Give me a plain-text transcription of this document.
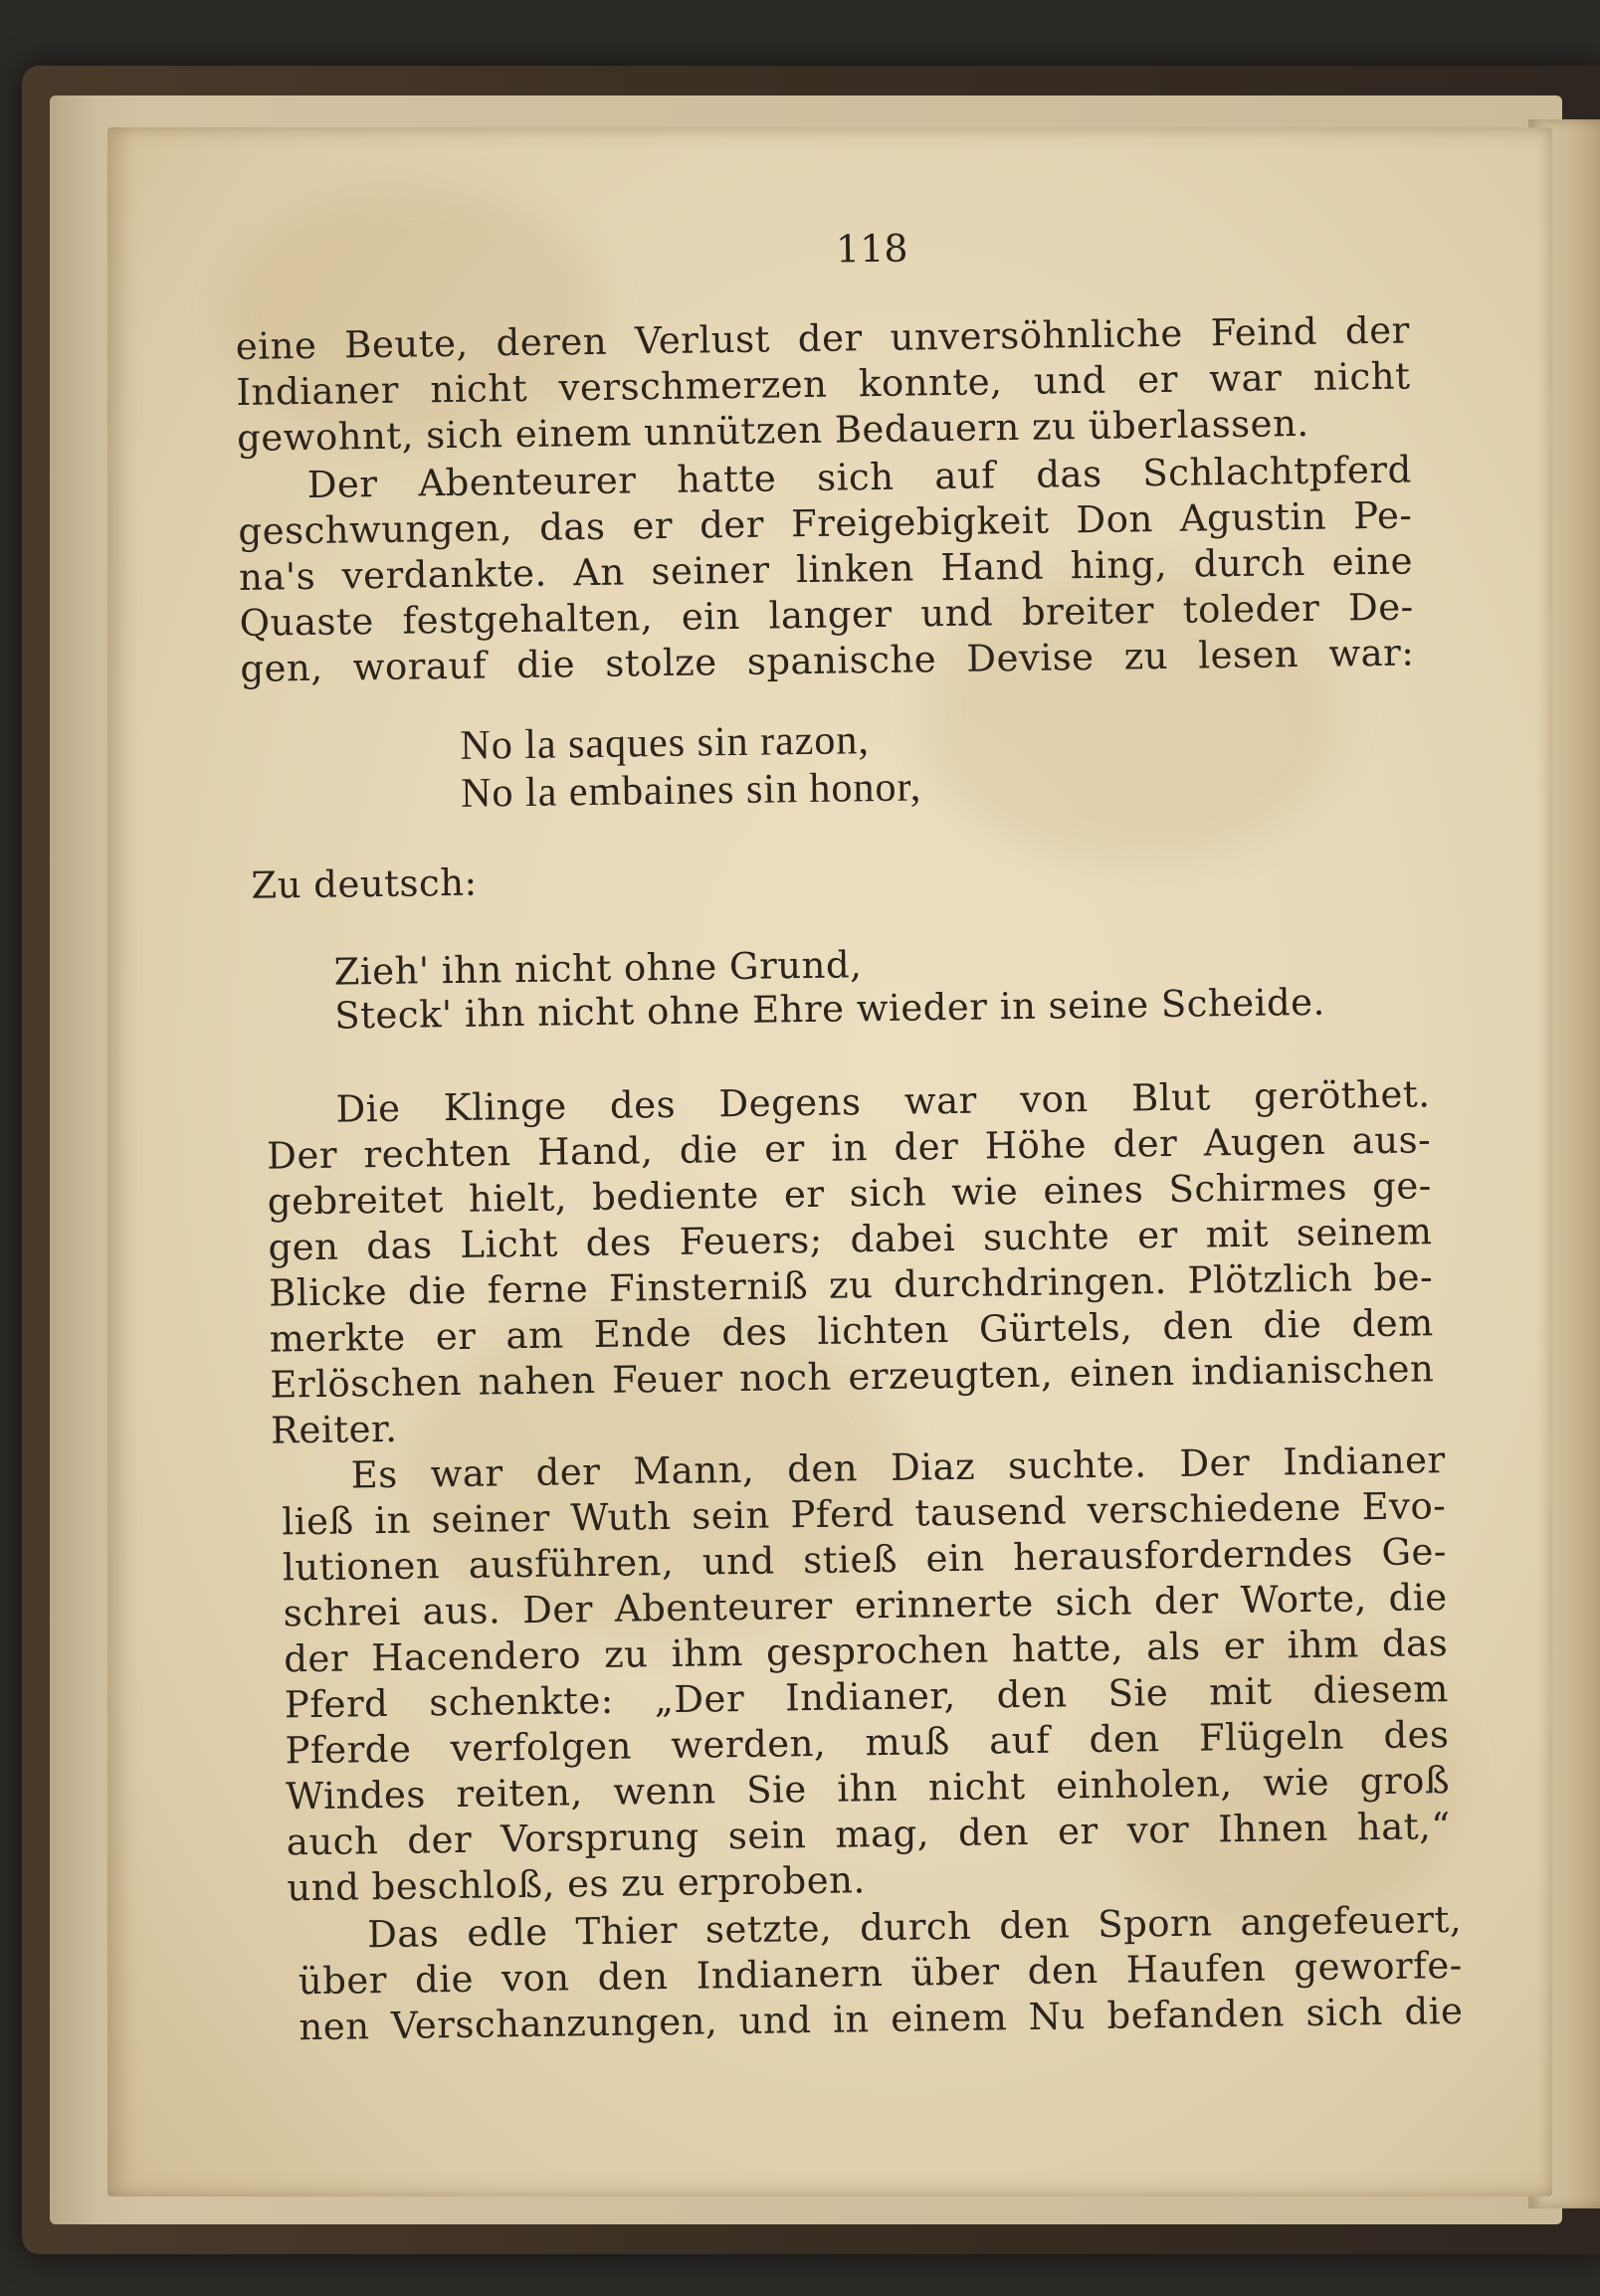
118
eine Beute, deren Verlust der unversöhnliche Feind der
Indianer nicht verschmerzen konnte, und er war nicht
gewohnt, sich einem unnützen Bedauern zu überlassen.
Der Abenteurer hatte sich auf das Schlachtpferd
geschwungen, das er der Freigebigkeit Don Agustin Pe-
na's verdankte. An seiner linken Hand hing, durch eine
Quaste festgehalten, ein langer und breiter toleder De-
gen, worauf die stolze spanische Devise zu lesen war:
No la saques sin razon,
No la embaines sin honor,
Zu deutsch:
Zieh' ihn nicht ohne Grund,
Steck' ihn nicht ohne Ehre wieder in seine Scheide.
Die Klinge des Degens war von Blut geröthet.
Der rechten Hand, die er in der Höhe der Augen aus-
gebreitet hielt, bediente er sich wie eines Schirmes ge-
gen das Licht des Feuers; dabei suchte er mit seinem
Blicke die ferne Finsterniß zu durchdringen. Plötzlich be-
merkte er am Ende des lichten Gürtels, den die dem
Erlöschen nahen Feuer noch erzeugten, einen indianischen
Reiter.
Es war der Mann, den Diaz suchte. Der Indianer
ließ in seiner Wuth sein Pferd tausend verschiedene Evo-
lutionen ausführen, und stieß ein herausforderndes Ge-
schrei aus. Der Abenteurer erinnerte sich der Worte, die
der Hacendero zu ihm gesprochen hatte, als er ihm das
Pferd schenkte: „Der Indianer, den Sie mit diesem
Pferde verfolgen werden, muß auf den Flügeln des
Windes reiten, wenn Sie ihn nicht einholen, wie groß
auch der Vorsprung sein mag, den er vor Ihnen hat,“
und beschloß, es zu erproben.
Das edle Thier setzte, durch den Sporn angefeuert,
über die von den Indianern über den Haufen geworfe-
nen Verschanzungen, und in einem Nu befanden sich die
